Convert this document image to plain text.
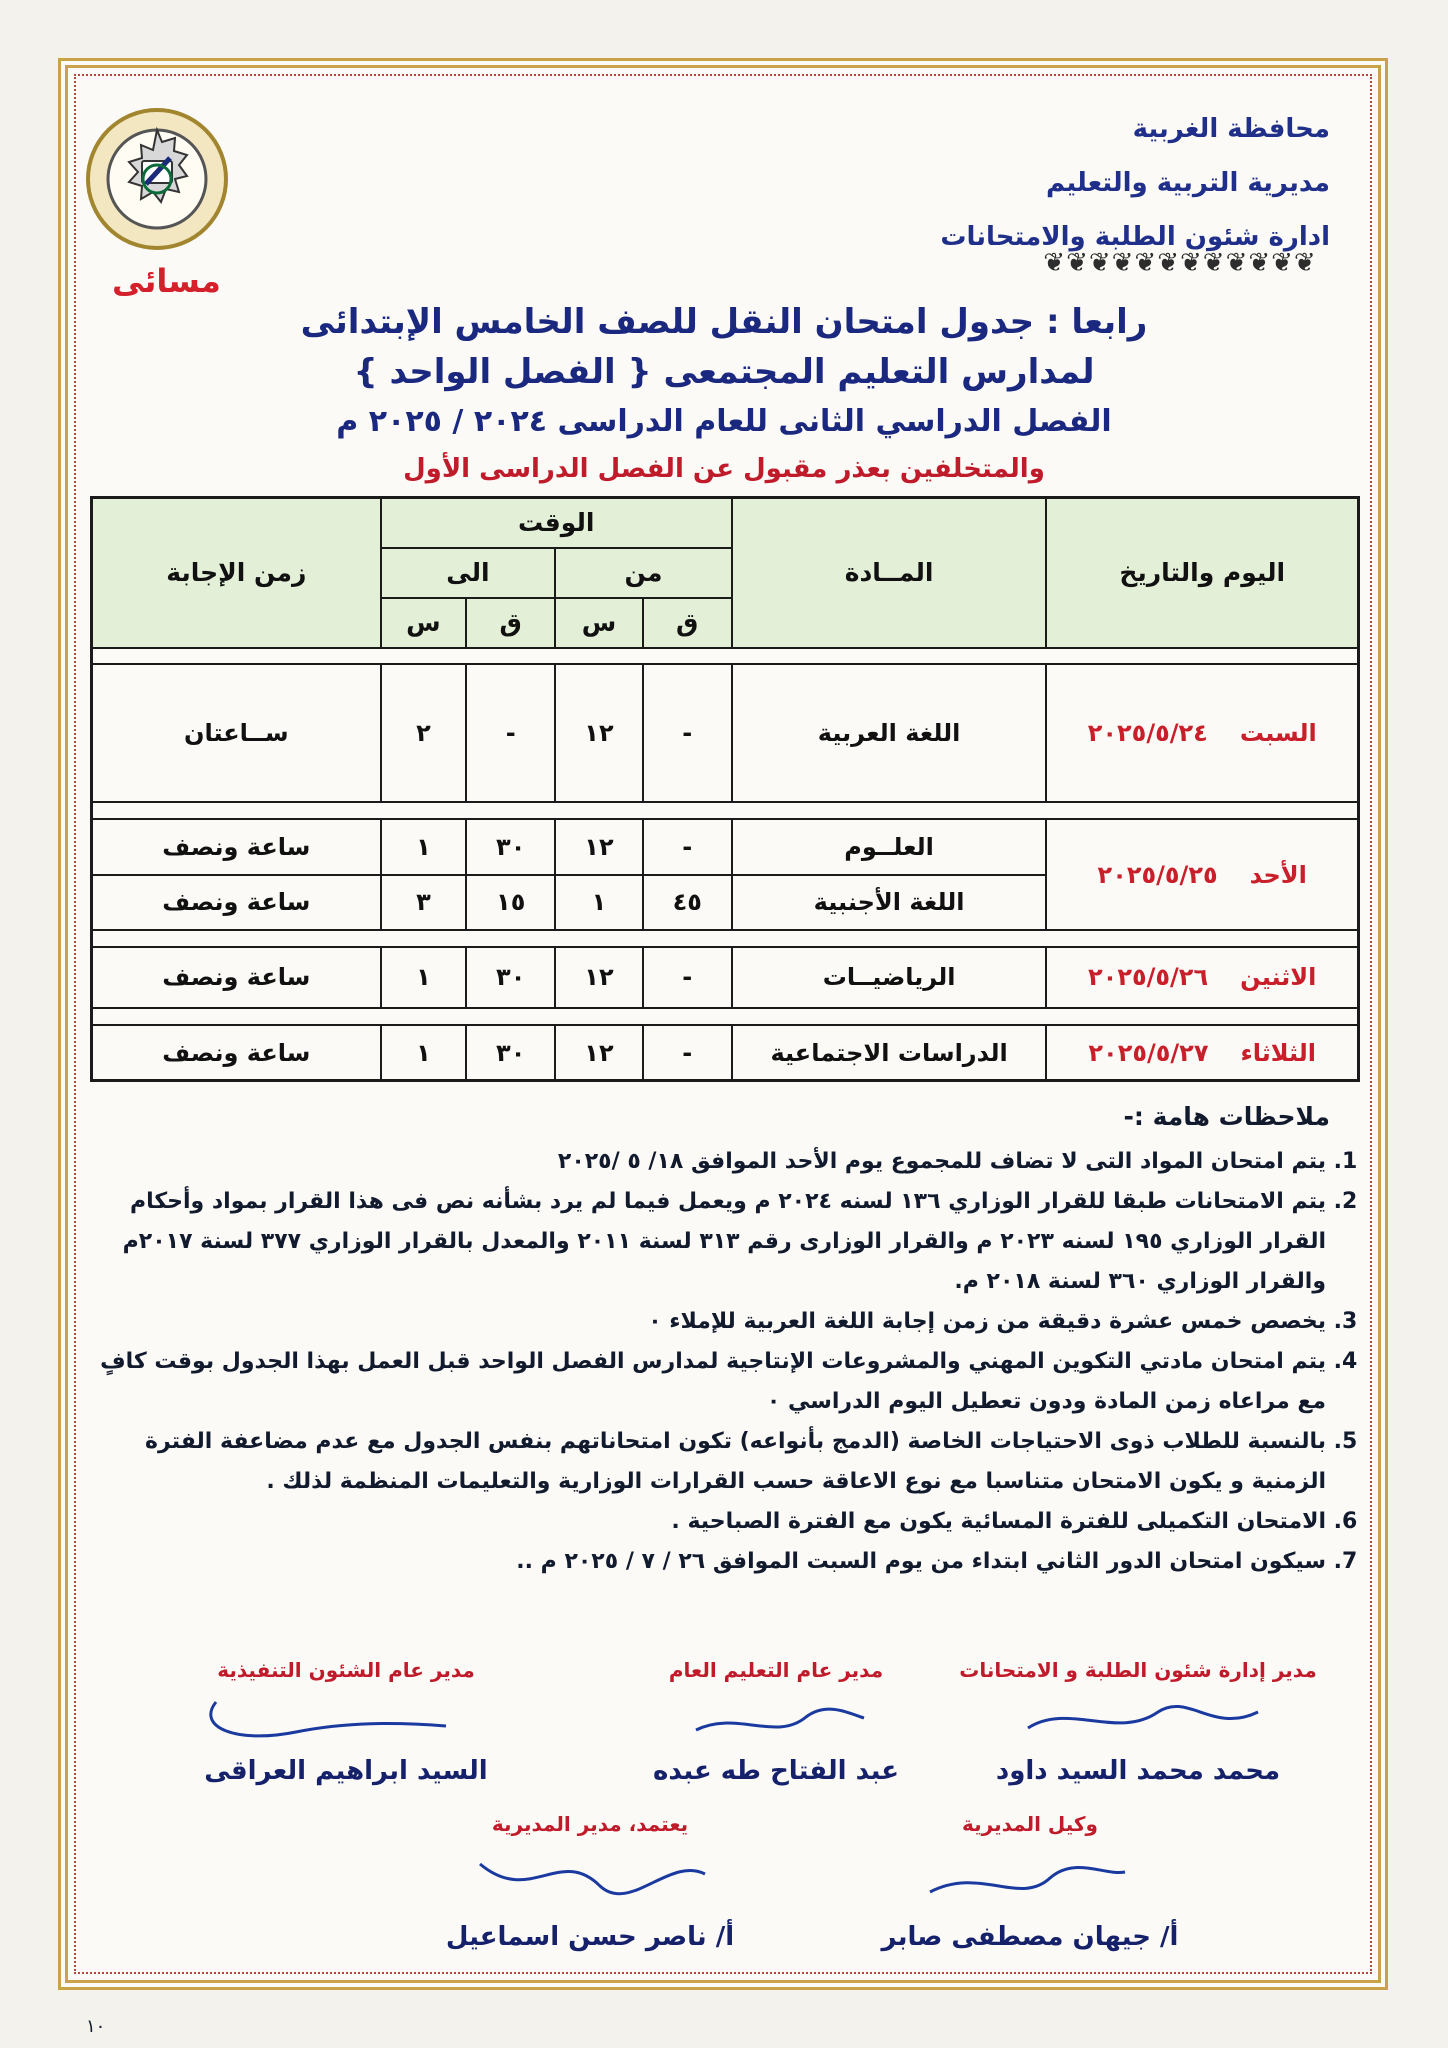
مسائى
محافظة الغربية
مديرية التربية والتعليم
ادارة شئون الطلبة والامتحانات
❦❦❦❦❦❦❦❦❦❦❦❦
رابعا : جدول امتحان النقل للصف الخامس الإبتدائى
لمدارس التعليم المجتمعى { الفصل الواحد }
الفصل الدراسي الثانى للعام الدراسى ٢٠٢٤ / ٢٠٢٥ م
والمتخلفين بعذر مقبول عن الفصل الدراسى الأول
اليوم والتاريخ	المــادة	الوقت				زمن الإجابة
		من		الى		
		ق	س	ق	س	

السبت٢٠٢٥/٥/٢٤	اللغة العربية	-	١٢	-	٢	ســاعتان

الأحد٢٠٢٥/٥/٢٥	العلــوم	-	١٢	٣٠	١	ساعة ونصف
	اللغة الأجنبية	٤٥	١	١٥	٣	ساعة ونصف

الاثنين٢٠٢٥/٥/٢٦	الرياضيــات	-	١٢	٣٠	١	ساعة ونصف

الثلاثاء٢٠٢٥/٥/٢٧	الدراسات الاجتماعية	-	١٢	٣٠	١	ساعة ونصف
ملاحظات هامة :-
1. يتم امتحان المواد التى لا تضاف للمجموع يوم الأحد الموافق ١٨/ ٥ /٢٠٢٥
2. يتم الامتحانات طبقا للقرار الوزاري ١٣٦ لسنه ٢٠٢٤ م ويعمل فيما لم يرد بشأنه نص فى هذا القرار بمواد وأحكام القرار الوزاري ١٩٥ لسنه ٢٠٢٣ م والقرار الوزارى رقم ٣١٣ لسنة ٢٠١١ والمعدل بالقرار الوزاري ٣٧٧ لسنة ٢٠١٧م والقرار الوزاري ٣٦٠ لسنة ٢٠١٨ م.
3. يخصص خمس عشرة دقيقة من زمن إجابة اللغة العربية للإملاء ٠
4. يتم امتحان مادتي التكوين المهني والمشروعات الإنتاجية لمدارس الفصل الواحد قبل العمل بهذا الجدول بوقت كافٍ مع مراعاه زمن المادة ودون تعطيل اليوم الدراسي ٠
5. بالنسبة للطلاب ذوى الاحتياجات الخاصة (الدمج بأنواعه) تكون امتحاناتهم بنفس الجدول مع عدم مضاعفة الفترة الزمنية و يكون الامتحان متناسبا مع نوع الاعاقة حسب القرارات الوزارية والتعليمات المنظمة لذلك .
6. الامتحان التكميلى للفترة المسائية يكون مع الفترة الصباحية .
7. سيكون امتحان الدور الثاني ابتداء من يوم السبت الموافق ٢٦ / ٧ / ٢٠٢٥ م ..
مدير إدارة شئون الطلبة و الامتحانات
محمد محمد السيد داود
مدير عام التعليم العام
عبد الفتاح طه عبده
مدير عام الشئون التنفيذية
السيد ابراهيم العراقى
وكيل المديرية
أ/ جيهان مصطفى صابر
يعتمد، مدير المديرية
أ/ ناصر حسن اسماعيل
١٠
